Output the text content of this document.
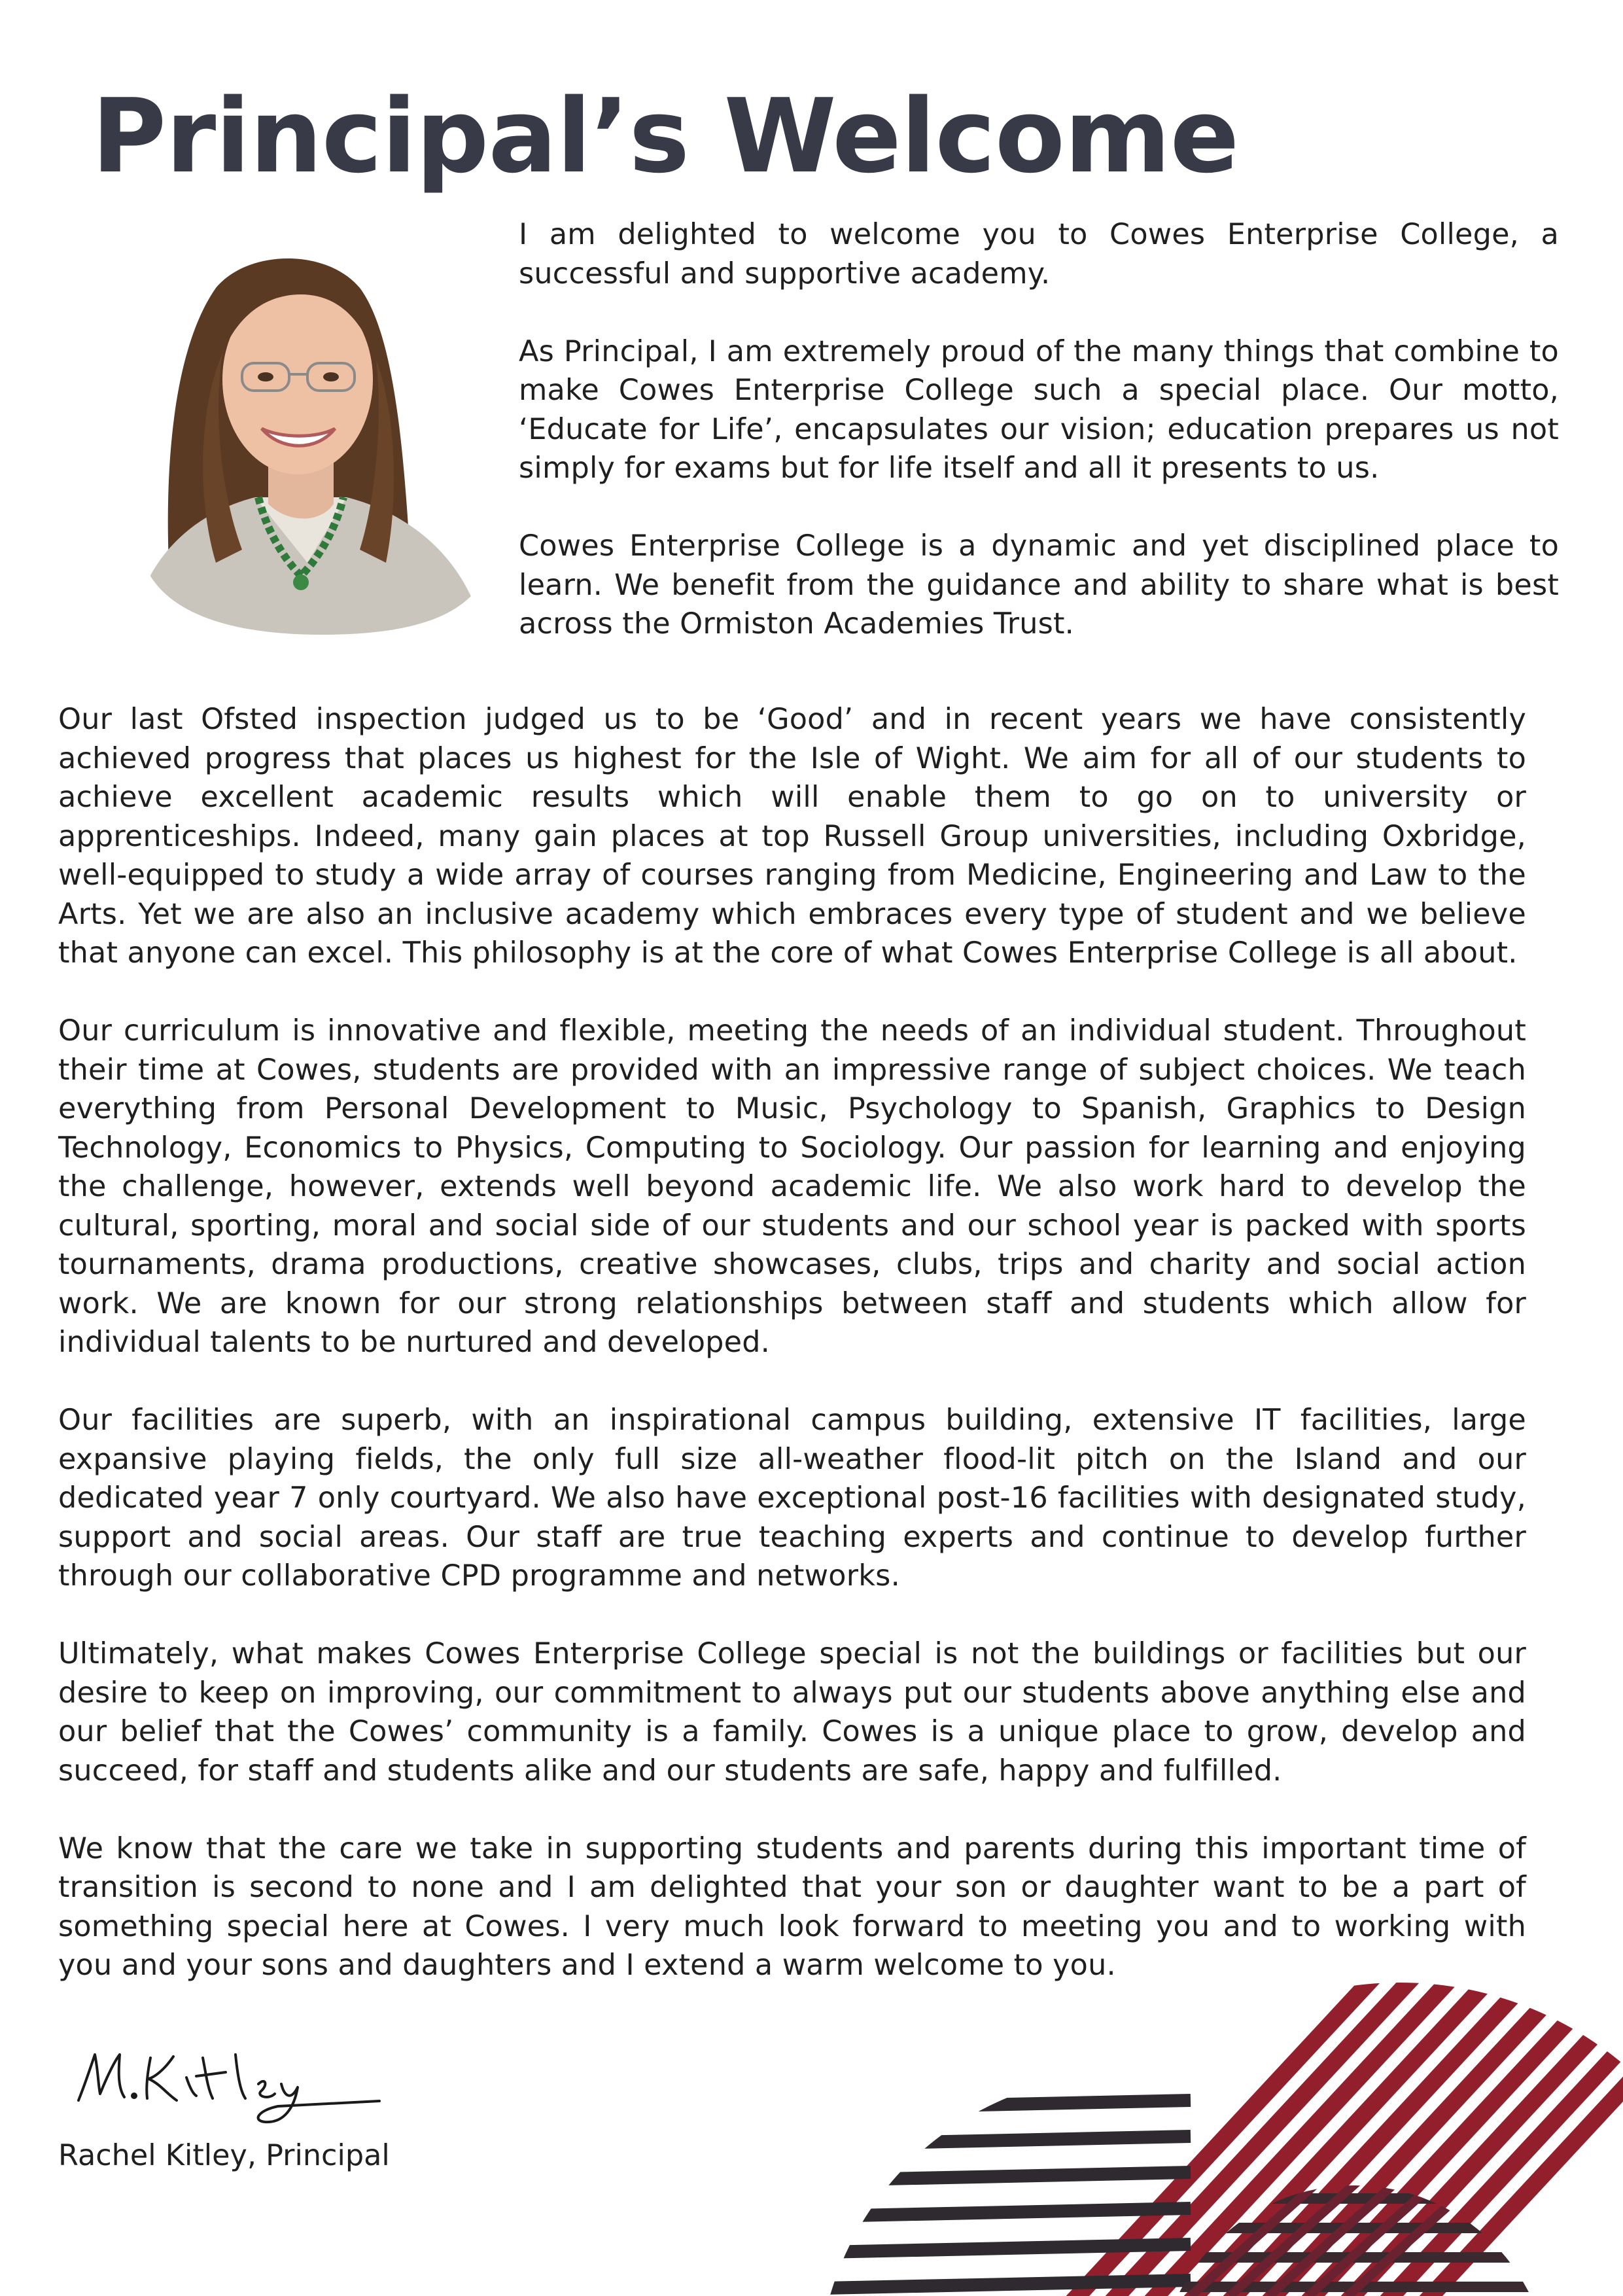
Principal’s Welcome

I am delighted to welcome you to Cowes Enterprise College, a successful and supportive academy.

As Principal, I am extremely proud of the many things that combine to make Cowes Enterprise College such a special place. Our motto, ‘Educate for Life’, encapsulates our vision; education prepares us not simply for exams but for life itself and all it presents to us.

Cowes Enterprise College is a dynamic and yet disciplined place to learn. We benefit from the guidance and ability to share what is best across the Ormiston Academies Trust.

Our last Ofsted inspection judged us to be ‘Good’ and in recent years we have consistently achieved progress that places us highest for the Isle of Wight. We aim for all of our students to achieve excellent academic results which will enable them to go on to university or apprenticeships. Indeed, many gain places at top Russell Group universities, including Oxbridge, well-equipped to study a wide array of courses ranging from Medicine, Engineering and Law to the Arts. Yet we are also an inclusive academy which embraces every type of student and we believe that anyone can excel. This philosophy is at the core of what Cowes Enterprise College is all about.

Our curriculum is innovative and flexible, meeting the needs of an individual student. Throughout their time at Cowes, students are provided with an impressive range of subject choices. We teach everything from Personal Development to Music, Psychology to Spanish, Graphics to Design Technology, Economics to Physics, Computing to Sociology. Our passion for learning and enjoying the challenge, however, extends well beyond academic life. We also work hard to develop the cultural, sporting, moral and social side of our students and our school year is packed with sports tournaments, drama productions, creative showcases, clubs, trips and charity and social action work. We are known for our strong relationships between staff and students which allow for individual talents to be nurtured and developed.

Our facilities are superb, with an inspirational campus building, extensive IT facilities, large expansive playing fields, the only full size all-weather flood-lit pitch on the Island and our dedicated year 7 only courtyard. We also have exceptional post-16 facilities with designated study, support and social areas. Our staff are true teaching experts and continue to develop further through our collaborative CPD programme and networks.

Ultimately, what makes Cowes Enterprise College special is not the buildings or facilities but our desire to keep on improving, our commitment to always put our students above anything else and our belief that the Cowes’ community is a family. Cowes is a unique place to grow, develop and succeed, for staff and students alike and our students are safe, happy and fulfilled.

We know that the care we take in supporting students and parents during this important time of transition is second to none and I am delighted that your son or daughter want to be a part of something special here at Cowes. I very much look forward to meeting you and to working with you and your sons and daughters and I extend a warm welcome to you.

Rachel Kitley, Principal
